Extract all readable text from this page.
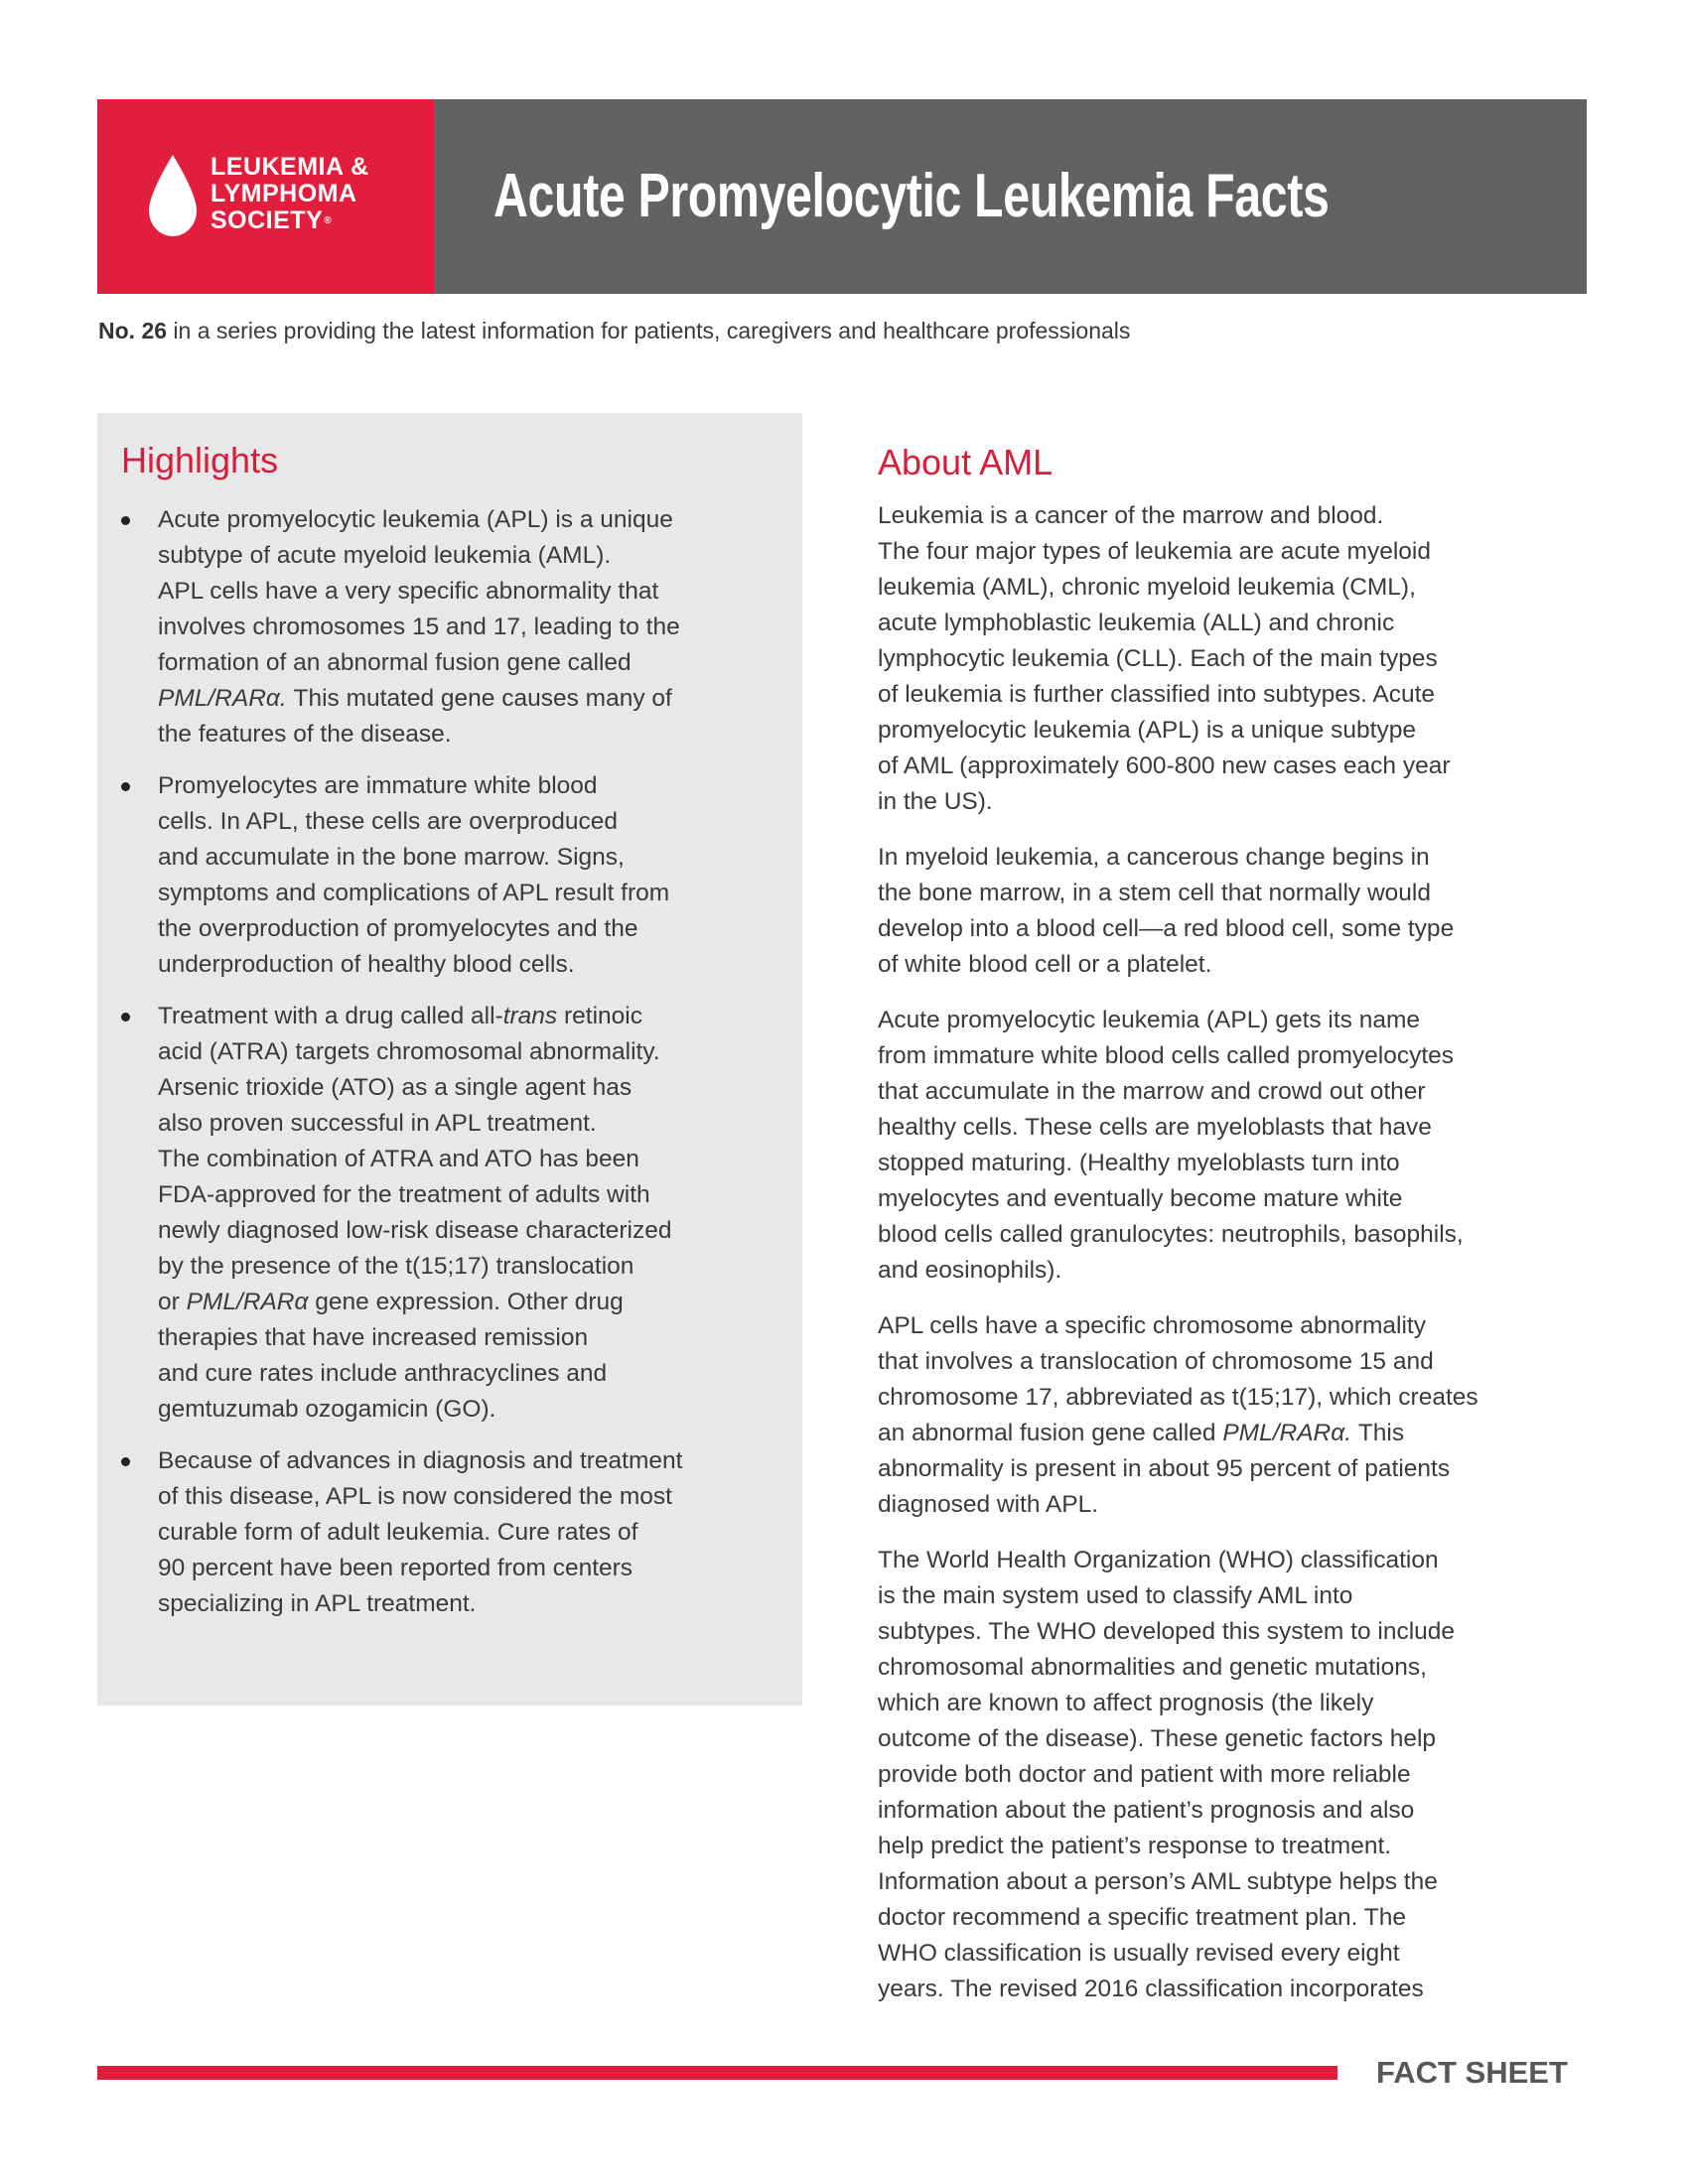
LEUKEMIA &
LYMPHOMA
SOCIETY®	Acute Promyelocytic Leukemia Facts
No. 26 in a series providing the latest information for patients, caregivers and healthcare professionals
Highlights
Acute promyelocytic leukemia (APL) is a unique
subtype of acute myeloid leukemia (AML).
APL cells have a very specific abnormality that
involves chromosomes 15 and 17, leading to the
formation of an abnormal fusion gene called
PML/RARα. This mutated gene causes many of
the features of the disease.
Promyelocytes are immature white blood
cells. In APL, these cells are overproduced
and accumulate in the bone marrow. Signs,
symptoms and complications of APL result from
the overproduction of promyelocytes and the
underproduction of healthy blood cells.
Treatment with a drug called all-trans retinoic
acid (ATRA) targets chromosomal abnormality.
Arsenic trioxide (ATO) as a single agent has
also proven successful in APL treatment.
The combination of ATRA and ATO has been
FDA-approved for the treatment of adults with
newly diagnosed low-risk disease characterized
by the presence of the t(15;17) translocation
or PML/RARα gene expression. Other drug
therapies that have increased remission
and cure rates include anthracyclines and
gemtuzumab ozogamicin (GO).
Because of advances in diagnosis and treatment
of this disease, APL is now considered the most
curable form of adult leukemia. Cure rates of
90 percent have been reported from centers
specializing in APL treatment.
About AML

Leukemia is a cancer of the marrow and blood.
The four major types of leukemia are acute myeloid
leukemia (AML), chronic myeloid leukemia (CML),
acute lymphoblastic leukemia (ALL) and chronic
lymphocytic leukemia (CLL). Each of the main types
of leukemia is further classified into subtypes. Acute
promyelocytic leukemia (APL) is a unique subtype
of AML (approximately 600-800 new cases each year
in the US).

In myeloid leukemia, a cancerous change begins in
the bone marrow, in a stem cell that normally would
develop into a blood cell—a red blood cell, some type
of white blood cell or a platelet.

Acute promyelocytic leukemia (APL) gets its name
from immature white blood cells called promyelocytes
that accumulate in the marrow and crowd out other
healthy cells. These cells are myeloblasts that have
stopped maturing. (Healthy myeloblasts turn into
myelocytes and eventually become mature white
blood cells called granulocytes: neutrophils, basophils,
and eosinophils).

APL cells have a specific chromosome abnormality
that involves a translocation of chromosome 15 and
chromosome 17, abbreviated as t(15;17), which creates
an abnormal fusion gene called PML/RARα. This
abnormality is present in about 95 percent of patients
diagnosed with APL.

The World Health Organization (WHO) classification
is the main system used to classify AML into
subtypes. The WHO developed this system to include
chromosomal abnormalities and genetic mutations,
which are known to affect prognosis (the likely
outcome of the disease). These genetic factors help
provide both doctor and patient with more reliable
information about the patient’s prognosis and also
help predict the patient’s response to treatment.
Information about a person’s AML subtype helps the
doctor recommend a specific treatment plan. The
WHO classification is usually revised every eight
years. The revised 2016 classification incorporates

FACT SHEET
